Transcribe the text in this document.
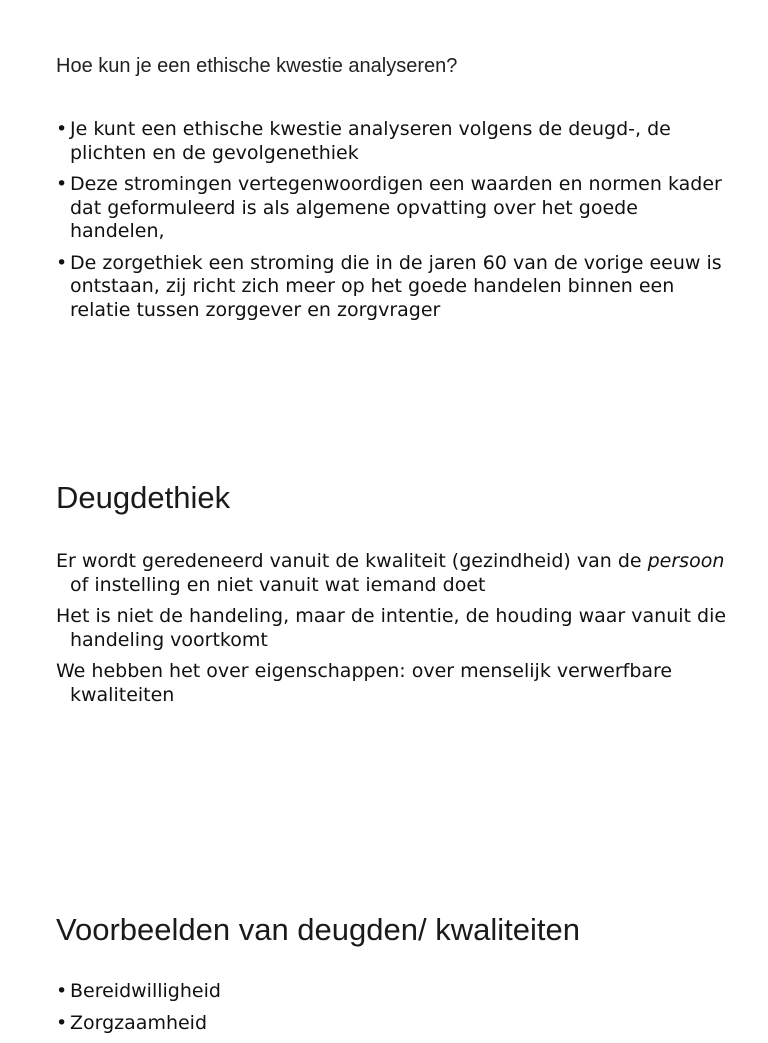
Hoe kun je een ethische kwestie analyseren?
• Je kunt een ethische kwestie analyseren volgens de deugd-, de plichten en de gevolgenethiek
• Deze stromingen vertegenwoordigen een waarden en normen kader dat geformuleerd is als algemene opvatting over het goede handelen,
• De zorgethiek een stroming die in de jaren 60 van de vorige eeuw is ontstaan, zij richt zich meer op het goede handelen binnen een relatie tussen zorggever en zorgvrager
Deugdethiek

Er wordt geredeneerd vanuit de kwaliteit (gezindheid) van de persoon of instelling en niet vanuit wat iemand doet

Het is niet de handeling, maar de intentie, de houding waar vanuit die handeling voortkomt

We hebben het over eigenschappen: over menselijk verwerfbare kwaliteiten

Voorbeelden van deugden/ kwaliteiten
• Bereidwilligheid
• Zorgzaamheid
